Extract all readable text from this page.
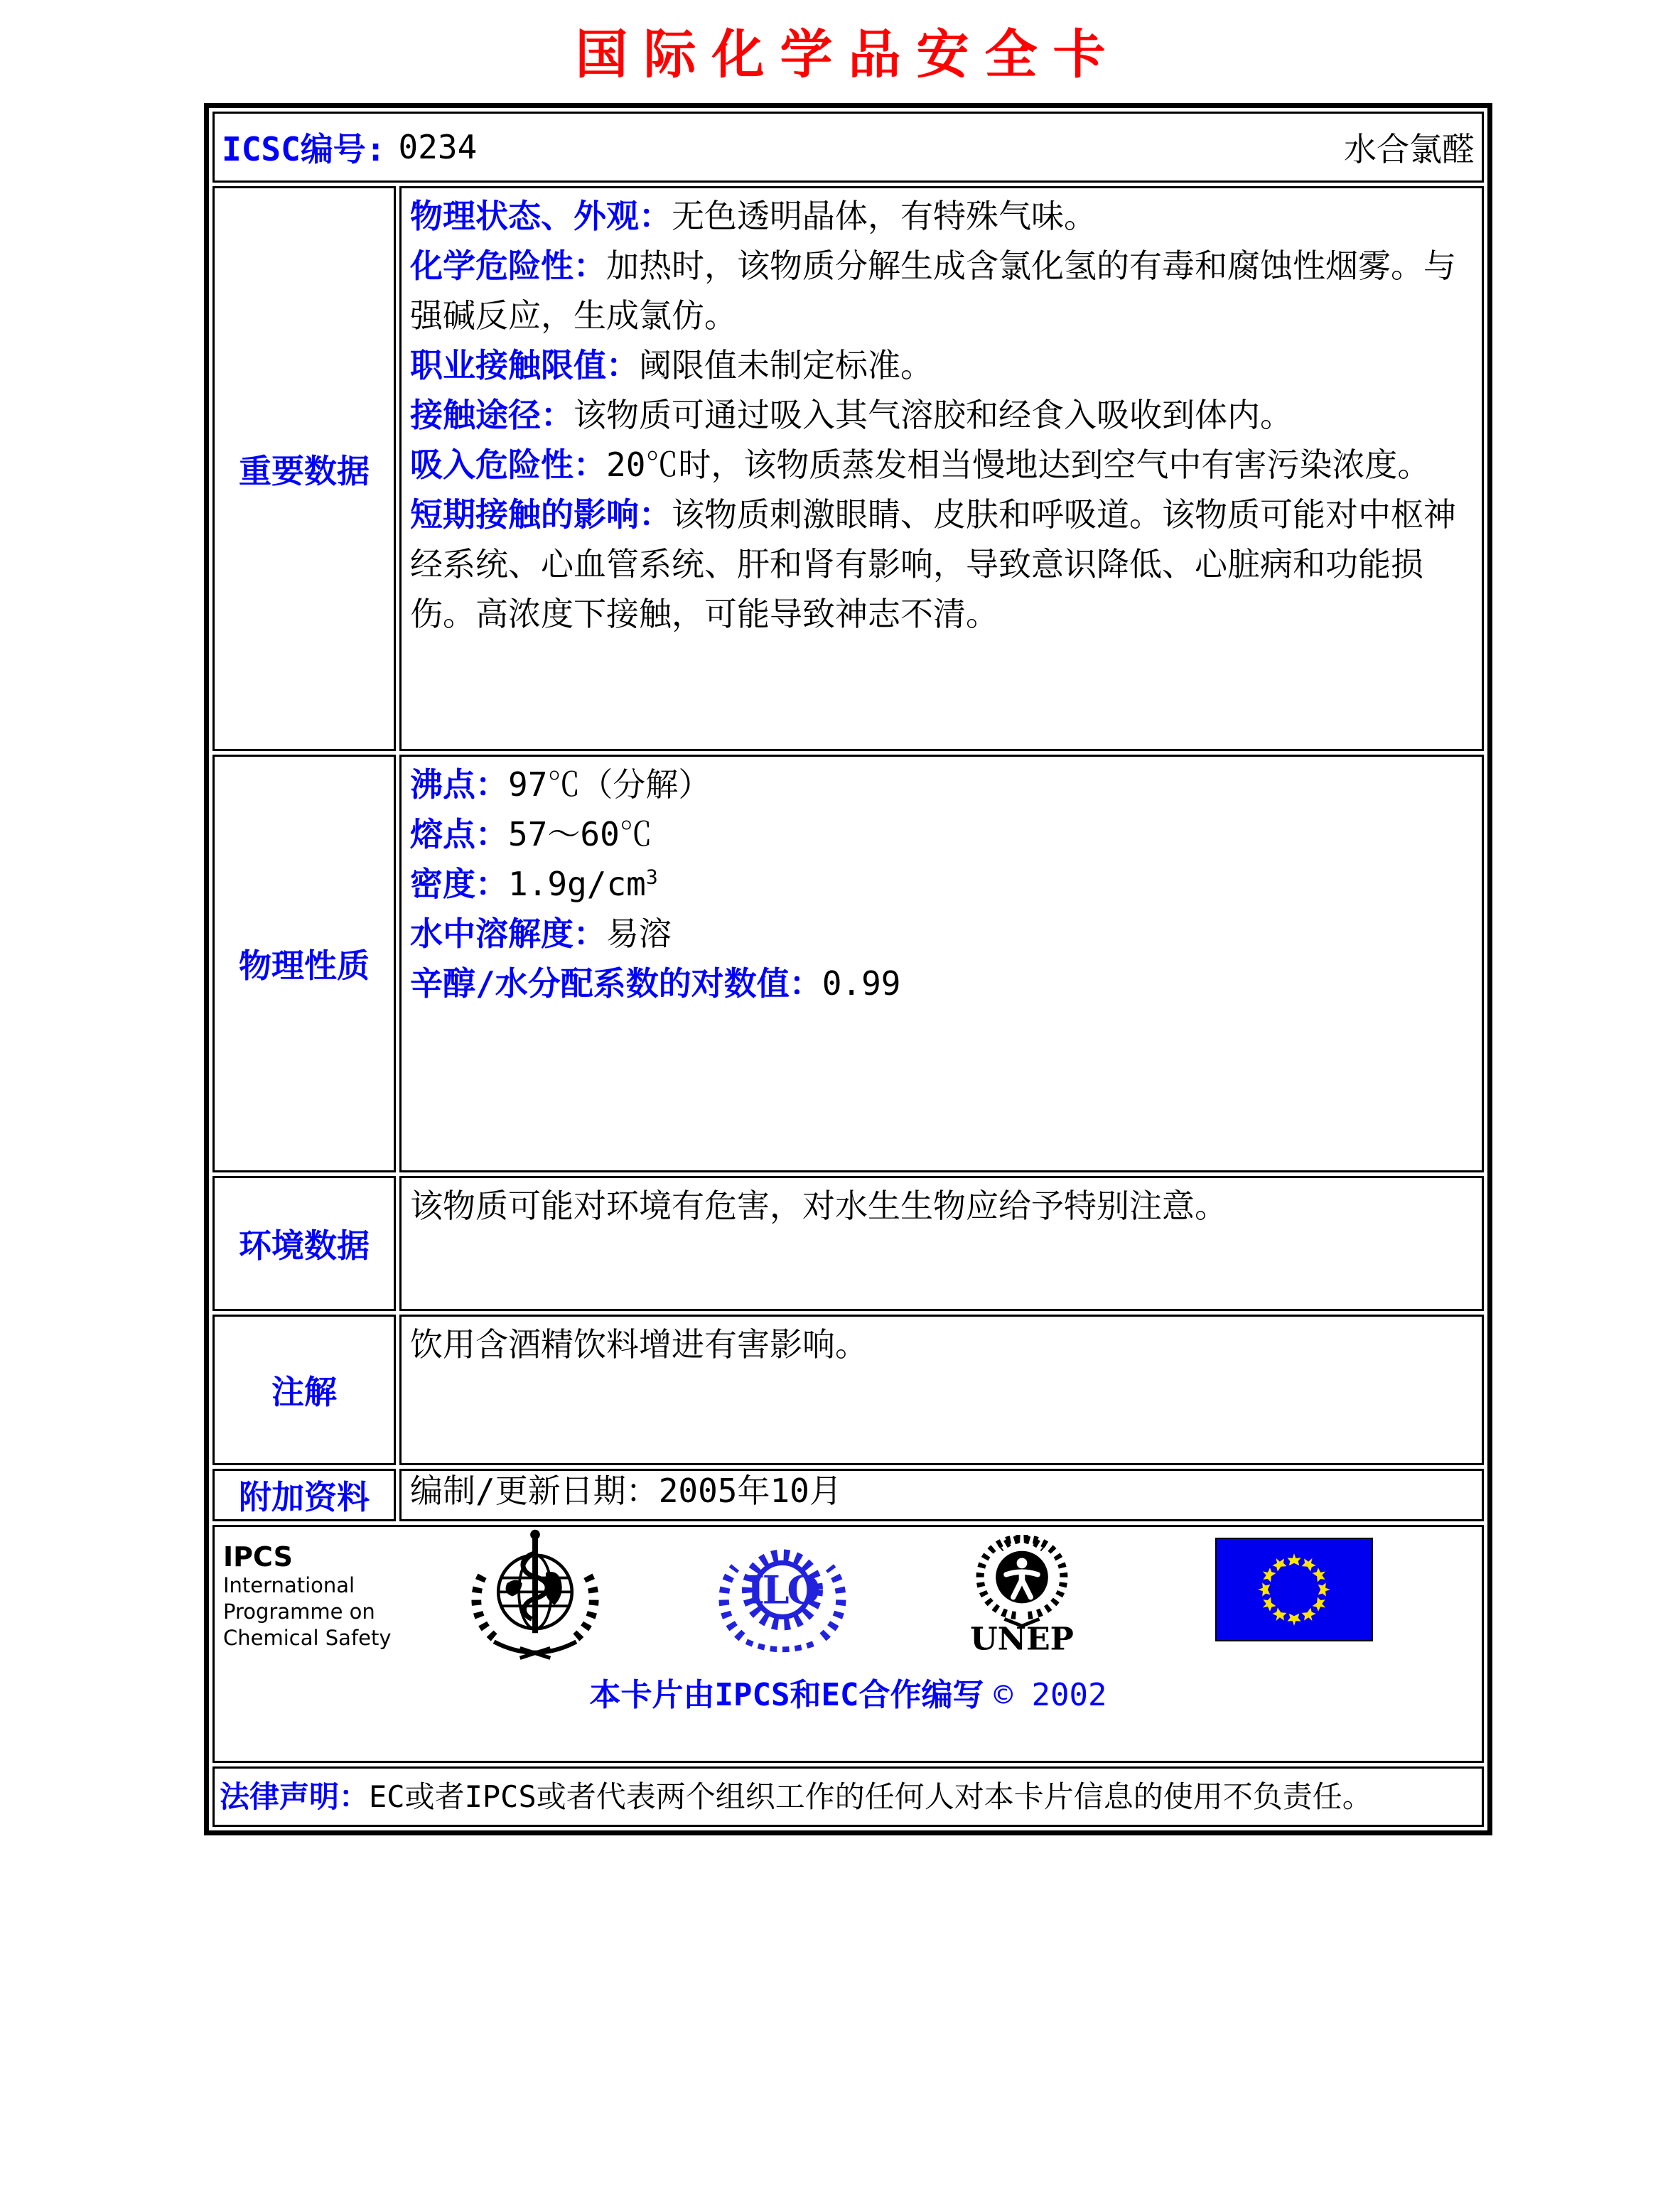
国际化学品安全卡
ICSC编号: 0234 水合氯醛	

重要数据	
物理状态、外观：无色透明晶体，有特殊气味。
化学危险性：加热时，该物质分解生成含氯化氢的有毒和腐蚀性烟雾。与强碱反应，生成氯仿。
职业接触限值：阈限值未制定标准。
接触途径：该物质可通过吸入其气溶胶和经食入吸收到体内。
吸入危险性：20℃时，该物质蒸发相当慢地达到空气中有害污染浓度。
短期接触的影响：该物质刺激眼睛、皮肤和呼吸道。该物质可能对中枢神经系统、心血管系统、肝和肾有影响，导致意识降低、心脏病和功能损伤。高浓度下接触，可能导致神志不清。

物理性质	沸点：97℃（分解）
熔点：57～60℃
密度：$1.9g/cm^3$
水中溶解度：易溶
辛醇/水分配系数的对数值：0.99

环境数据	该物质可能对环境有危害，对水生生物应给予特别注意。

注解	饮用含酒精饮料增进有害影响。

附加资料	编制/更新日期：2005年10月

IPCS
International
Programme on
Chemical Safety
ILO
UNEP
本卡片由IPCS和EC合作编写 © 2002

法律声明：EC或者IPCS或者代表两个组织工作的任何人对本卡片信息的使用不负责任。	
